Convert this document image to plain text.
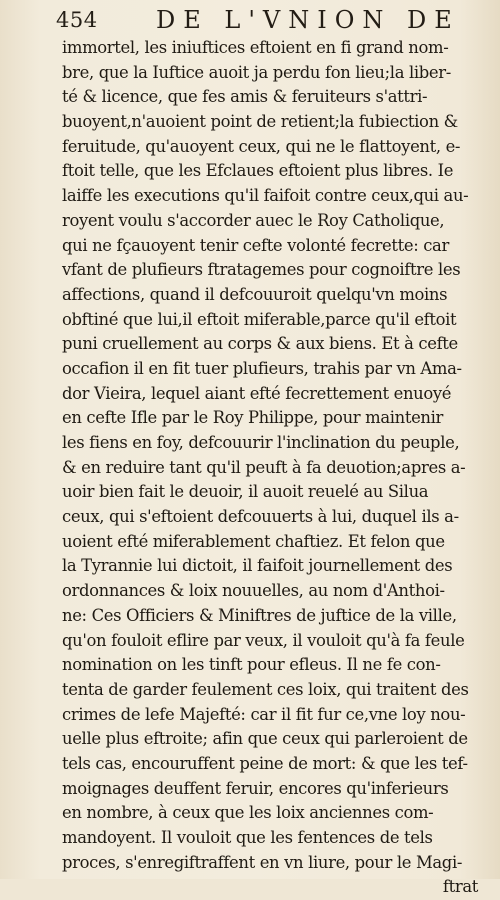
454 DE L'VNION DE
immortel, les iniuftices eftoient en fi grand nom-
bre, que la Iuftice auoit ja perdu fon lieu;la liber-
té & licence, que fes amis & feruiteurs s'attri-
buoyent,n'auoient point de retient;la fubiection &
feruitude, qu'auoyent ceux, qui ne le flattoyent, e-
ftoit telle, que les Efclaues eftoient plus libres. Ie
laiffe les executions qu'il faifoit contre ceux,qui au-
royent voulu s'accorder auec le Roy Catholique,
qui ne fçauoyent tenir cefte volonté fecrette: car
vfant de plufieurs ftratagemes pour cognoiftre les
affections, quand il defcouuroit quelqu'vn moins
obftiné que lui,il eftoit miferable,parce qu'il eftoit
puni cruellement au corps & aux biens. Et à cefte
occafion il en fit tuer plufieurs, trahis par vn Ama-
dor Vieira, lequel aiant efté fecrettement enuoyé
en cefte Ifle par le Roy Philippe, pour maintenir
les fiens en foy, defcouurir l'inclination du peuple,
& en reduire tant qu'il peuft à fa deuotion;apres a-
uoir bien fait le deuoir, il auoit reuelé au Silua
ceux, qui s'eftoient defcouuerts à lui, duquel ils a-
uoient efté miferablement chaftiez. Et felon que
la Tyrannie lui dictoit, il faifoit journellement des
ordonnances & loix nouuelles, au nom d'Anthoi-
ne: Ces Officiers & Miniftres de juftice de la ville,
qu'on fouloit eflire par veux, il vouloit qu'à fa feule
nomination on les tinft pour efleus. Il ne fe con-
tenta de garder feulement ces loix, qui traitent des
crimes de lefe Majefté: car il fit fur ce,vne loy nou-
uelle plus eftroite; afin que ceux qui parleroient de
tels cas, encouruffent peine de mort: & que les tef-
moignages deuffent feruir, encores qu'inferieurs
en nombre, à ceux que les loix anciennes com-
mandoyent. Il vouloit que les fentences de tels
proces, s'enregiftraffent en vn liure, pour le Magi-
ftrat
